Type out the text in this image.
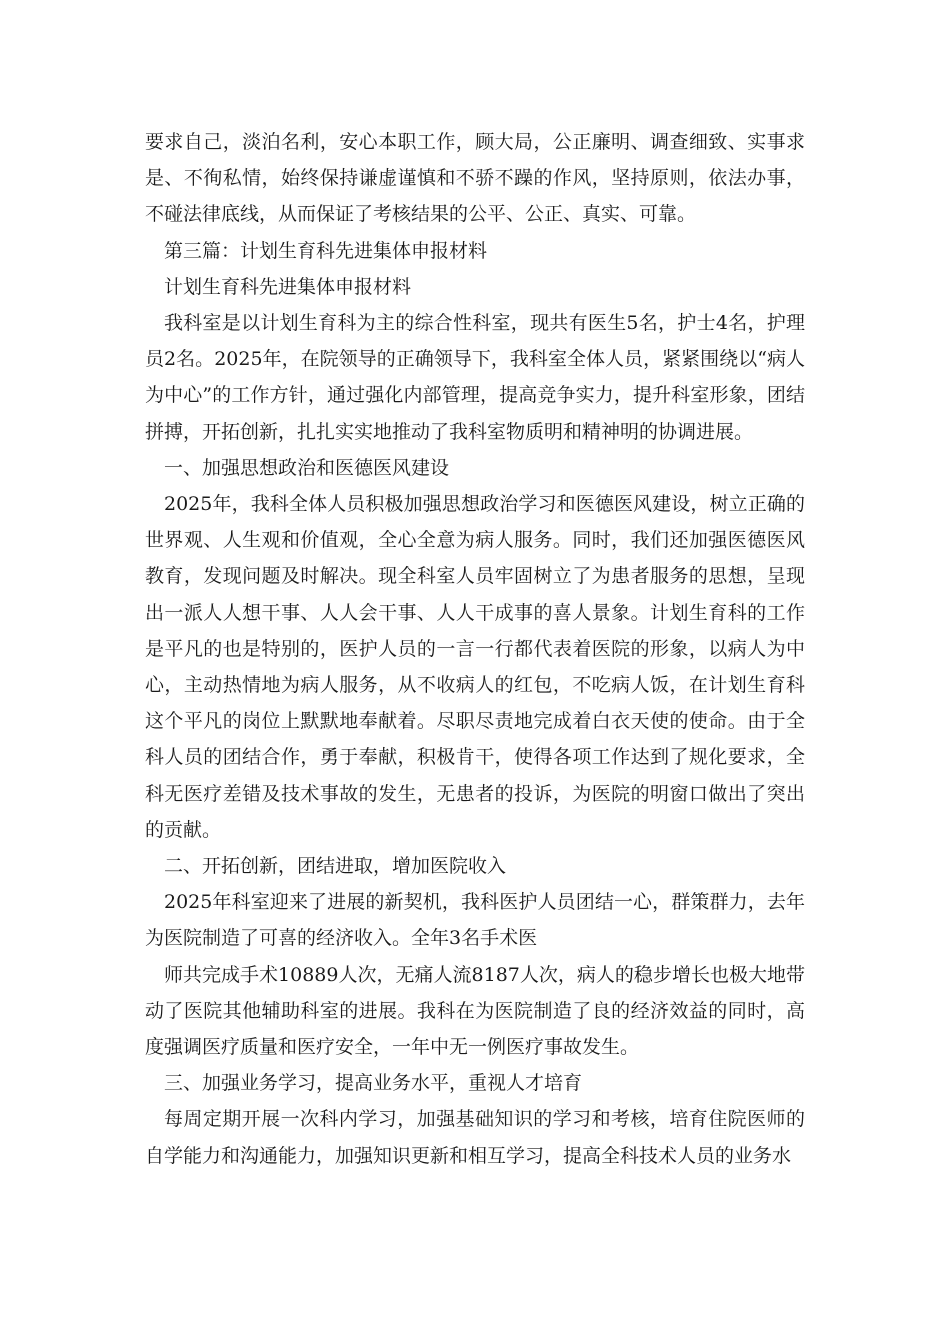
要求自己，淡泊名利，安心本职工作，顾大局，公正廉明、调查细致、实事求是、不徇私情，始终保持谦虚谨慎和不骄不躁的作风，坚持原则，依法办事，不碰法律底线，从而保证了考核结果的公平、公正、真实、可靠。

第三篇：计划生育科先进集体申报材料

计划生育科先进集体申报材料

我科室是以计划生育科为主的综合性科室，现共有医生5名，护士4名，护理员2名。2025年，在院领导的正确领导下，我科室全体人员，紧紧围绕以“病人为中心”的工作方针，通过强化内部管理，提高竞争实力，提升科室形象，团结拼搏，开拓创新，扎扎实实地推动了我科室物质明和精神明的协调进展。

一、加强思想政治和医德医风建设

2025年，我科全体人员积极加强思想政治学习和医德医风建设，树立正确的世界观、人生观和价值观，全心全意为病人服务。同时，我们还加强医德医风教育，发现问题及时解决。现全科室人员牢固树立了为患者服务的思想，呈现出一派人人想干事、人人会干事、人人干成事的喜人景象。计划生育科的工作是平凡的也是特别的，医护人员的一言一行都代表着医院的形象，以病人为中心，主动热情地为病人服务，从不收病人的红包，不吃病人饭，在计划生育科这个平凡的岗位上默默地奉献着。尽职尽责地完成着白衣天使的使命。由于全科人员的团结合作，勇于奉献，积极肯干，使得各项工作达到了规化要求，全科无医疗差错及技术事故的发生，无患者的投诉，为医院的明窗口做出了突出的贡献。

二、开拓创新，团结进取，增加医院收入

2025年科室迎来了进展的新契机，我科医护人员团结一心，群策群力，去年为医院制造了可喜的经济收入。全年3名手术医

师共完成手术10889人次，无痛人流8187人次，病人的稳步增长也极大地带动了医院其他辅助科室的进展。我科在为医院制造了良的经济效益的同时，高度强调医疗质量和医疗安全，一年中无一例医疗事故发生。

三、加强业务学习，提高业务水平，重视人才培育

每周定期开展一次科内学习，加强基础知识的学习和考核，培育住院医师的自学能力和沟通能力，加强知识更新和相互学习，提高全科技术人员的业务水
